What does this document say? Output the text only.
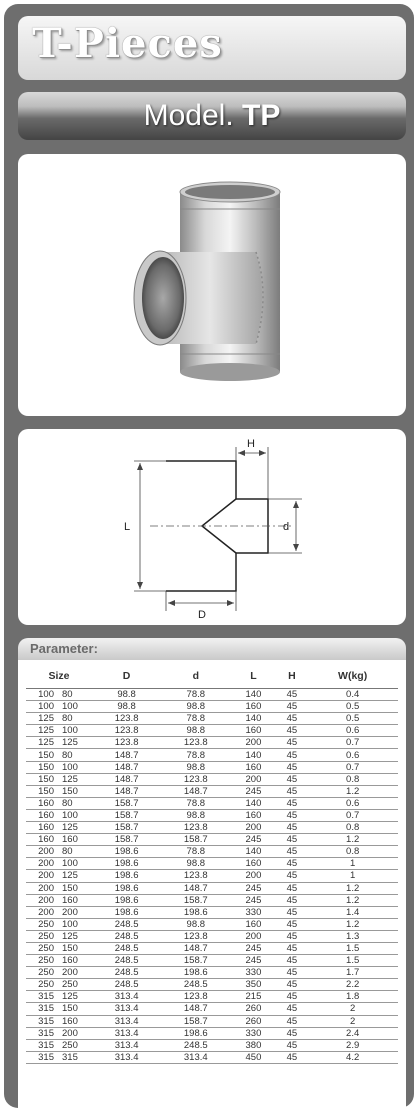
T-Pieces
Model. TP
H
L	d
D
Parameter:
Size		D	d	L	H	W(kg)
100	80	98.8	78.8	140	45	0.4
100	100	98.8	98.8	160	45	0.5
125	80	123.8	78.8	140	45	0.5
125	100	123.8	98.8	160	45	0.6
125	125	123.8	123.8	200	45	0.7
150	80	148.7	78.8	140	45	0.6
150	100	148.7	98.8	160	45	0.7
150	125	148.7	123.8	200	45	0.8
150	150	148.7	148.7	245	45	1.2
160	80	158.7	78.8	140	45	0.6
160	100	158.7	98.8	160	45	0.7
160	125	158.7	123.8	200	45	0.8
160	160	158.7	158.7	245	45	1.2
200	80	198.6	78.8	140	45	0.8
200	100	198.6	98.8	160	45	1
200	125	198.6	123.8	200	45	1
200	150	198.6	148.7	245	45	1.2
200	160	198.6	158.7	245	45	1.2
200	200	198.6	198.6	330	45	1.4
250	100	248.5	98.8	160	45	1.2
250	125	248.5	123.8	200	45	1.3
250	150	248.5	148.7	245	45	1.5
250	160	248.5	158.7	245	45	1.5
250	200	248.5	198.6	330	45	1.7
250	250	248.5	248.5	350	45	2.2
315	125	313.4	123.8	215	45	1.8
315	150	313.4	148.7	260	45	2
315	160	313.4	158.7	260	45	2
315	200	313.4	198.6	330	45	2.4
315	250	313.4	248.5	380	45	2.9
315	315	313.4	313.4	450	45	4.2
